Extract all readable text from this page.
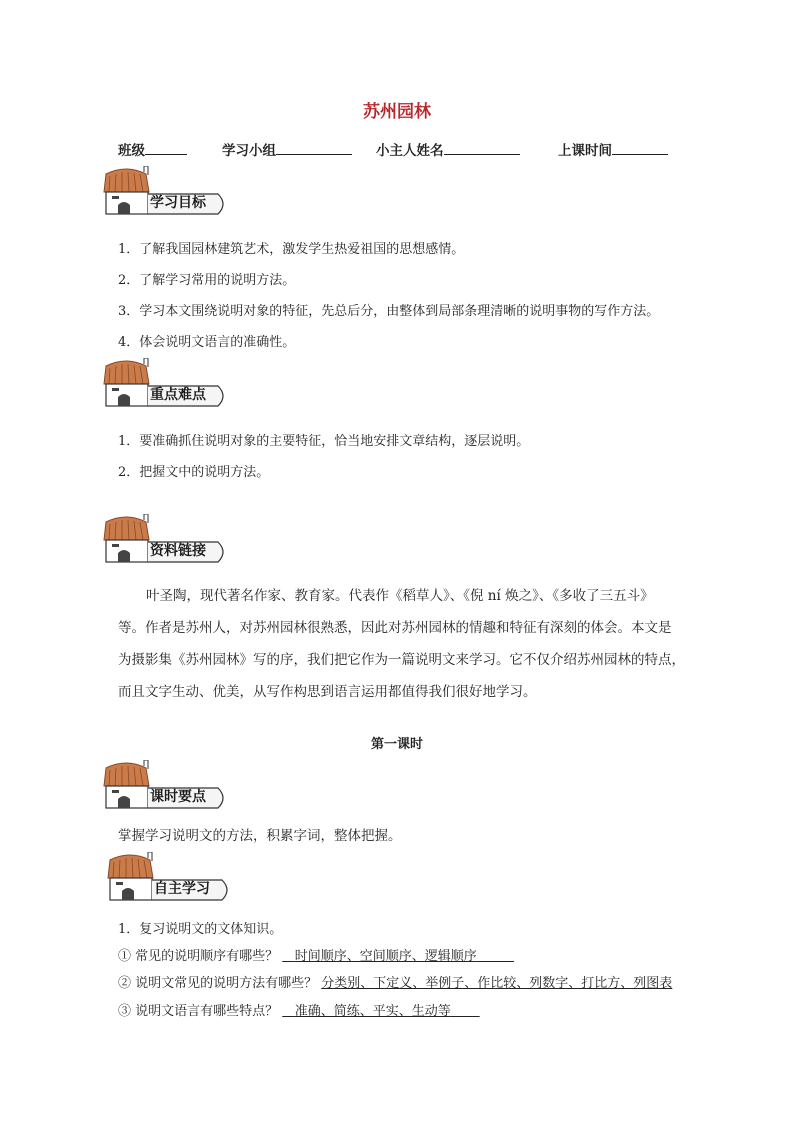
苏州园林
班级	学习小组	小主人姓名	上课时间
学习目标
1．了解我国园林建筑艺术，激发学生热爱祖国的思想感情。
2．了解学习常用的说明方法。
3．学习本文围绕说明对象的特征，先总后分，由整体到局部条理清晰的说明事物的写作方法。
4．体会说明文语言的准确性。
重点难点
1．要准确抓住说明对象的主要特征，恰当地安排文章结构，逐层说明。
2．把握文中的说明方法。
资料链接
叶圣陶，现代著名作家、教育家。代表作《稻草人》、《倪 ní 焕之》、《多收了三五斗》
等。作者是苏州人，对苏州园林很熟悉，因此对苏州园林的情趣和特征有深刻的体会。本文是
为摄影集《苏州园林》写的序，我们把它作为一篇说明文来学习。它不仅介绍苏州园林的特点，
而且文字生动、优美，从写作构思到语言运用都值得我们很好地学习。
第一课时
课时要点
掌握学习说明文的方法，积累字词，整体把握。
自主学习
1．复习说明文的文体知识。
① 常见的说明顺序有哪些？ 时间顺序、空间顺序、逻辑顺序
② 说明文常见的说明方法有哪些？ 分类别、下定义、举例子、作比较、列数字、打比方、列图表
③ 说明文语言有哪些特点？ 准确、简练、平实、生动等
